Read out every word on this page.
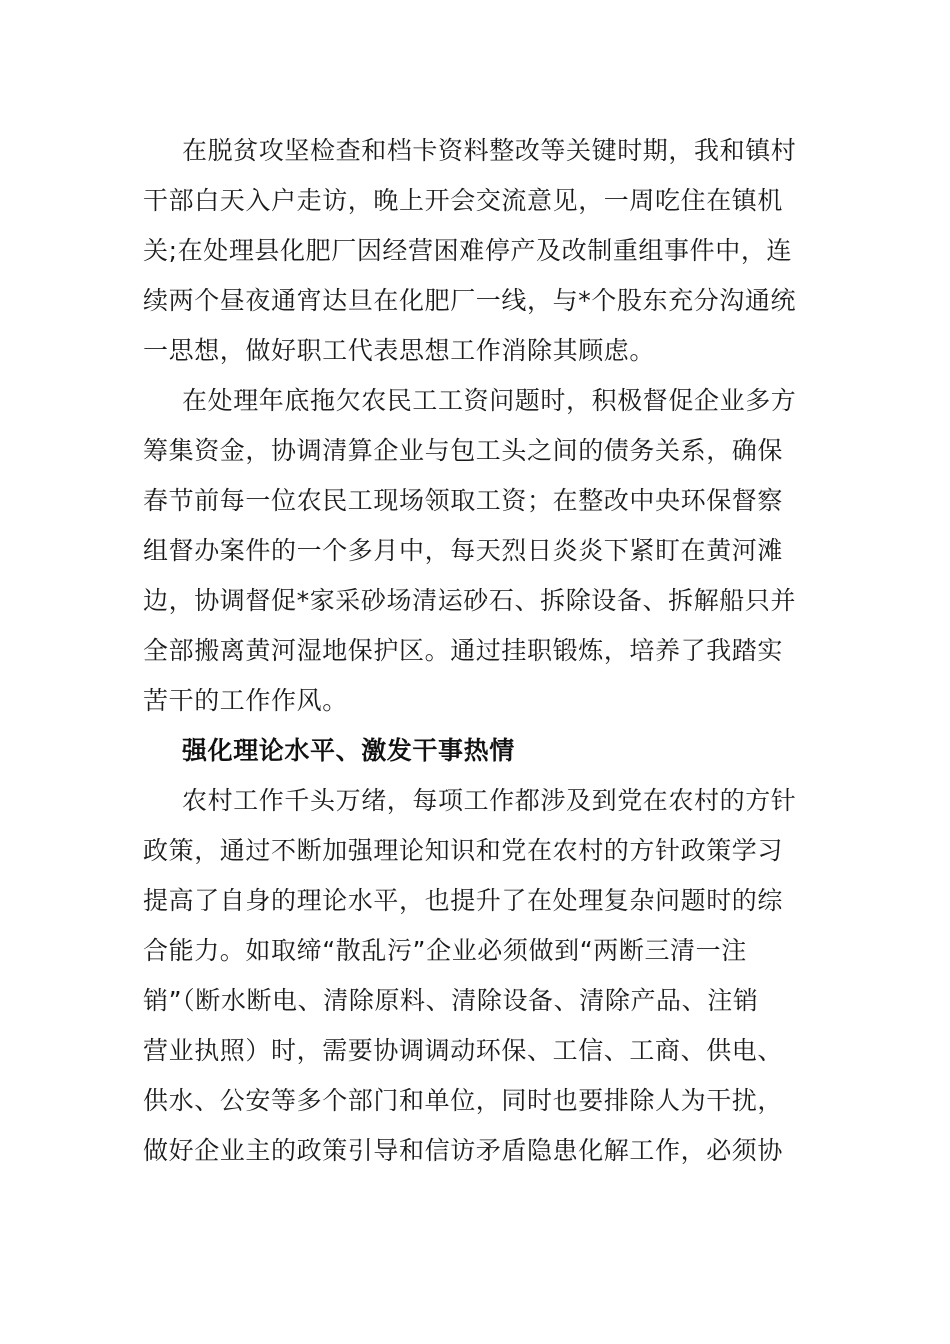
在脱贫攻坚检查和档卡资料整改等关键时期，我和镇村
干部白天入户走访，晚上开会交流意见，一周吃住在镇机
关;在处理县化肥厂因经营困难停产及改制重组事件中，连
续两个昼夜通宵达旦在化肥厂一线，与*个股东充分沟通统
一思想，做好职工代表思想工作消除其顾虑。
在处理年底拖欠农民工工资问题时，积极督促企业多方
筹集资金，协调清算企业与包工头之间的债务关系，确保
春节前每一位农民工现场领取工资；在整改中央环保督察
组督办案件的一个多月中，每天烈日炎炎下紧盯在黄河滩
边，协调督促*家采砂场清运砂石、拆除设备、拆解船只并
全部搬离黄河湿地保护区。通过挂职锻炼，培养了我踏实
苦干的工作作风。
强化理论水平、激发干事热情
农村工作千头万绪，每项工作都涉及到党在农村的方针
政策，通过不断加强理论知识和党在农村的方针政策学习
提高了自身的理论水平，也提升了在处理复杂问题时的综
合能力。如取缔“散乱污”企业必须做到“两断三清一注
销”（断水断电、清除原料、清除设备、清除产品、注销
营业执照）时，需要协调调动环保、工信、工商、供电、
供水、公安等多个部门和单位，同时也要排除人为干扰，
做好企业主的政策引导和信访矛盾隐患化解工作，必须协
